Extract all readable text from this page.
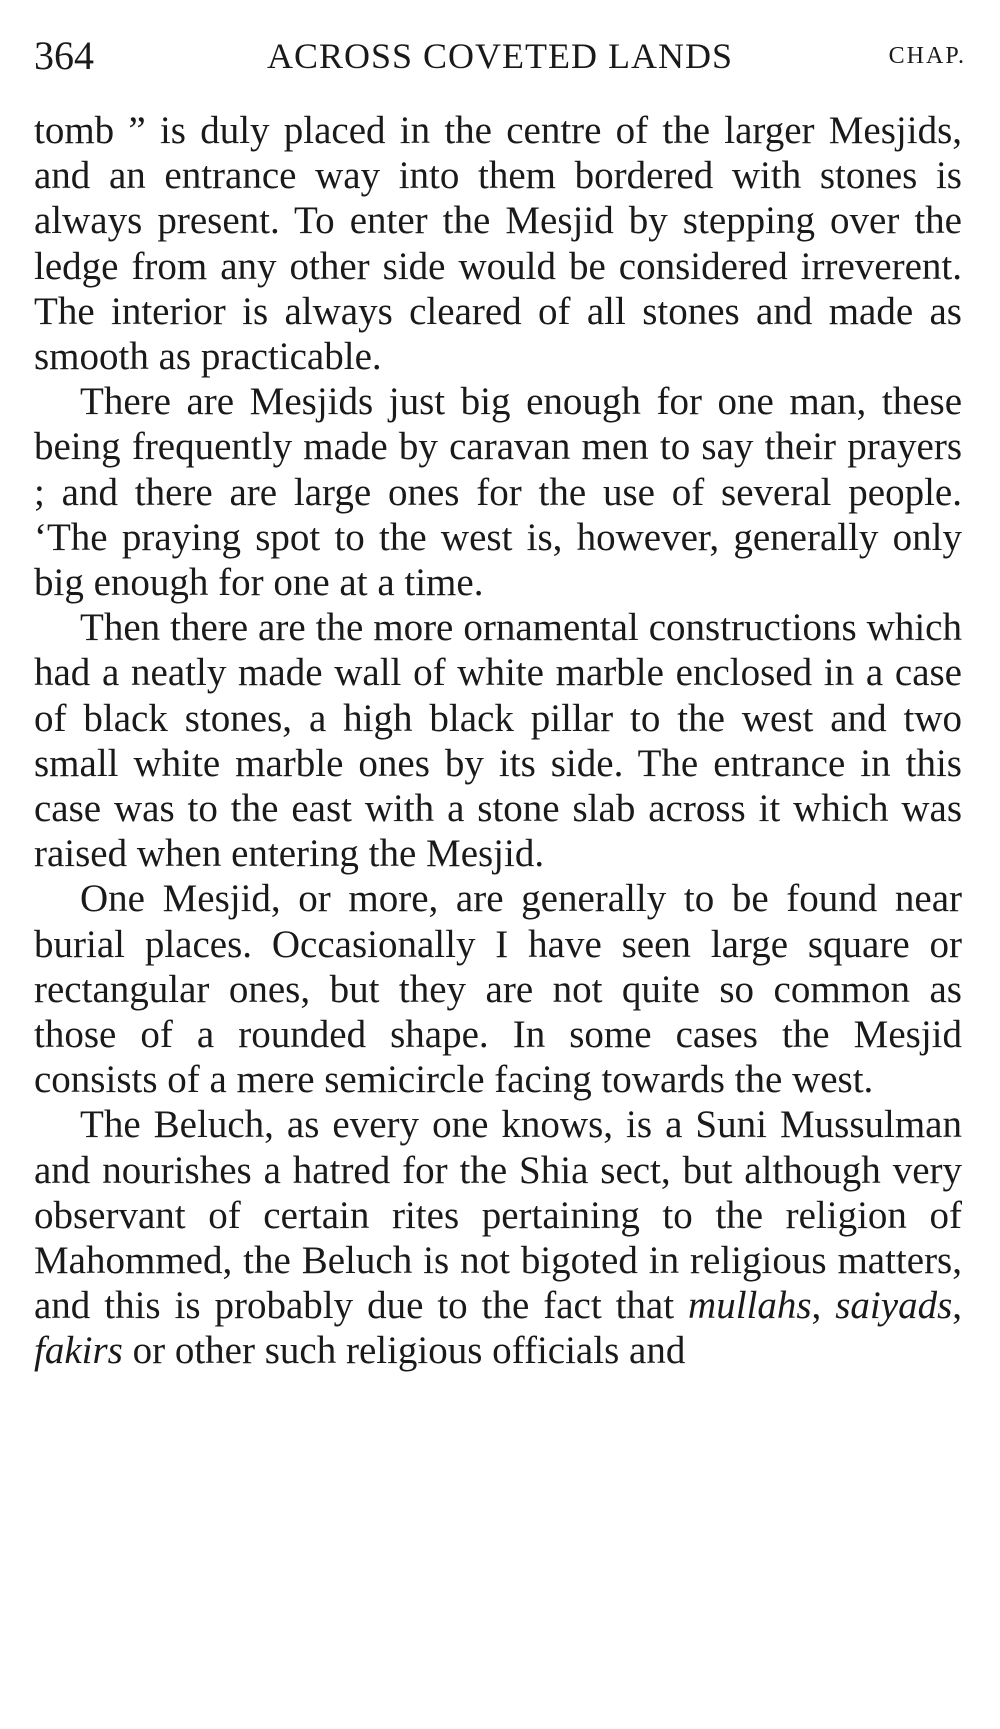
364	ACROSS COVETED LANDS	CHAP.

tomb ” is duly placed in the centre of the larger Mesjids, and an entrance way into them bordered with stones is always present. To enter the Mesjid by stepping over the ledge from any other side would be considered irreverent. The interior is always cleared of all stones and made as smooth as practicable.

There are Mesjids just big enough for one man, these being frequently made by caravan men to say their prayers ; and there are large ones for the use of several people. ‘The praying spot to the west is, however, generally only big enough for one at a time.

Then there are the more ornamental constructions which had a neatly made wall of white marble enclosed in a case of black stones, a high black pillar to the west and two small white marble ones by its side. The entrance in this case was to the east with a stone slab across it which was raised when entering the Mesjid.

One Mesjid, or more, are generally to be found near burial places. Occasionally I have seen large square or rectangular ones, but they are not quite so common as those of a rounded shape. In some cases the Mesjid consists of a mere semicircle facing towards the west.

The Beluch, as every one knows, is a Suni Mussulman and nourishes a hatred for the Shia sect, but although very observant of certain rites pertaining to the religion of Mahommed, the Beluch is not bigoted in religious matters, and this is probably due to the fact that mullahs, saiyads, fakirs or other such religious officials and
